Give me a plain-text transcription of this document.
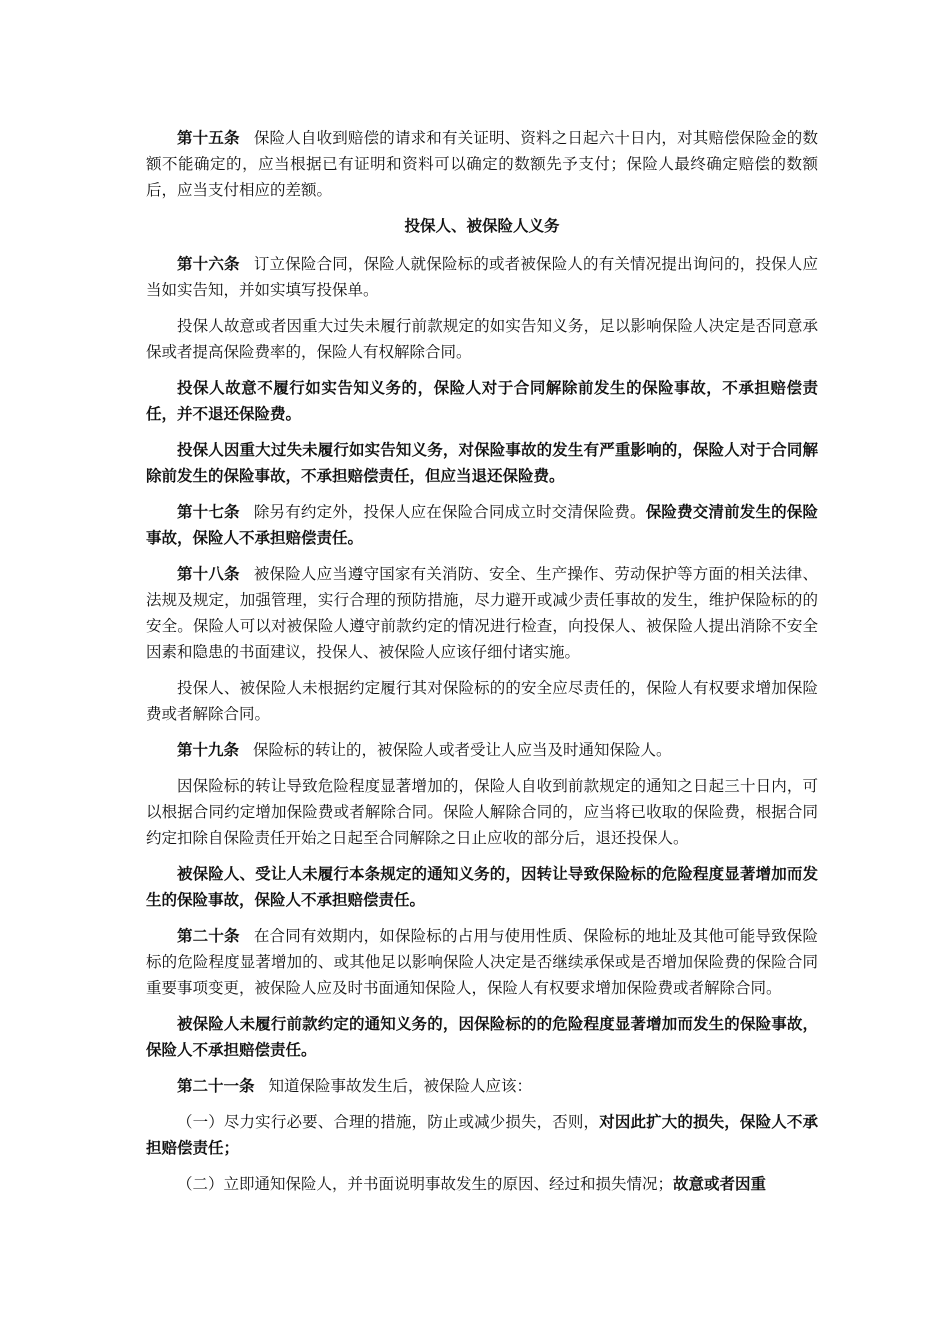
第十五条 保险人自收到赔偿的请求和有关证明、资料之日起六十日内，对其赔偿保险金的数额不能确定的，应当根据已有证明和资料可以确定的数额先予支付；保险人最终确定赔偿的数额后，应当支付相应的差额。

投保人、被保险人义务

第十六条 订立保险合同，保险人就保险标的或者被保险人的有关情况提出询问的，投保人应当如实告知，并如实填写投保单。

投保人故意或者因重大过失未履行前款规定的如实告知义务，足以影响保险人决定是否同意承保或者提高保险费率的，保险人有权解除合同。

投保人故意不履行如实告知义务的，保险人对于合同解除前发生的保险事故，不承担赔偿责任，并不退还保险费。

投保人因重大过失未履行如实告知义务，对保险事故的发生有严重影响的，保险人对于合同解除前发生的保险事故，不承担赔偿责任，但应当退还保险费。

第十七条 除另有约定外，投保人应在保险合同成立时交清保险费。保险费交清前发生的保险事故，保险人不承担赔偿责任。

第十八条 被保险人应当遵守国家有关消防、安全、生产操作、劳动保护等方面的相关法律、法规及规定，加强管理，实行合理的预防措施，尽力避开或减少责任事故的发生，维护保险标的的安全。保险人可以对被保险人遵守前款约定的情况进行检查，向投保人、被保险人提出消除不安全因素和隐患的书面建议，投保人、被保险人应该仔细付诸实施。

投保人、被保险人未根据约定履行其对保险标的的安全应尽责任的，保险人有权要求增加保险费或者解除合同。

第十九条 保险标的转让的，被保险人或者受让人应当及时通知保险人。

因保险标的转让导致危险程度显著增加的，保险人自收到前款规定的通知之日起三十日内，可以根据合同约定增加保险费或者解除合同。保险人解除合同的，应当将已收取的保险费，根据合同约定扣除自保险责任开始之日起至合同解除之日止应收的部分后，退还投保人。

被保险人、受让人未履行本条规定的通知义务的，因转让导致保险标的危险程度显著增加而发生的保险事故，保险人不承担赔偿责任。

第二十条 在合同有效期内，如保险标的占用与使用性质、保险标的地址及其他可能导致保险标的危险程度显著增加的、或其他足以影响保险人决定是否继续承保或是否增加保险费的保险合同重要事项变更，被保险人应及时书面通知保险人，保险人有权要求增加保险费或者解除合同。

被保险人未履行前款约定的通知义务的，因保险标的的危险程度显著增加而发生的保险事故，保险人不承担赔偿责任。

第二十一条 知道保险事故发生后，被保险人应该：

（一）尽力实行必要、合理的措施，防止或减少损失，否则，对因此扩大的损失，保险人不承担赔偿责任；

（二）立即通知保险人，并书面说明事故发生的原因、经过和损失情况；故意或者因重
